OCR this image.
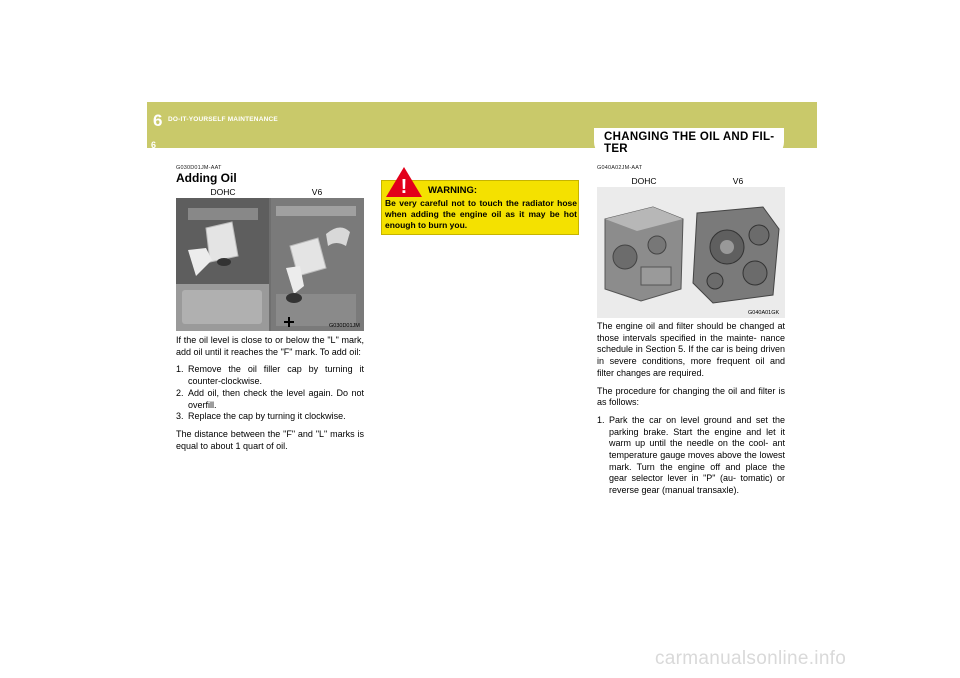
6 DO-IT-YOURSELF MAINTENANCE
6
CHANGING THE OIL AND FIL- TER
G030D01JM-AAT
Adding Oil
DOHC	V6
G030D01JM

If the oil level is close to or below the "L" mark, add oil until it reaches the "F" mark. To add oil:

1. Remove the oil filler cap by turning it counter-clockwise.
2. Add oil, then check the level again. Do not overfill.
3. Replace the cap by turning it clockwise.

The distance between the "F" and "L" marks is equal to about 1 quart of oil.

! WARNING:
Be very careful not to touch the radiator hose when adding the engine oil as it may be hot enough to burn you.
G040A02JM-AAT
DOHC	V6
G040A01GK

The engine oil and filter should be changed at those intervals specified in the mainte- nance schedule in Section 5. If the car is being driven in severe conditions, more frequent oil and filter changes are required.

The procedure for changing the oil and filter is as follows:

1. Park the car on level ground and set the parking brake. Start the engine and let it warm up until the needle on the cool- ant temperature gauge moves above the lowest mark. Turn the engine off and place the gear selector lever in "P" (au- tomatic) or reverse gear (manual transaxle).
carmanualsonline.info
